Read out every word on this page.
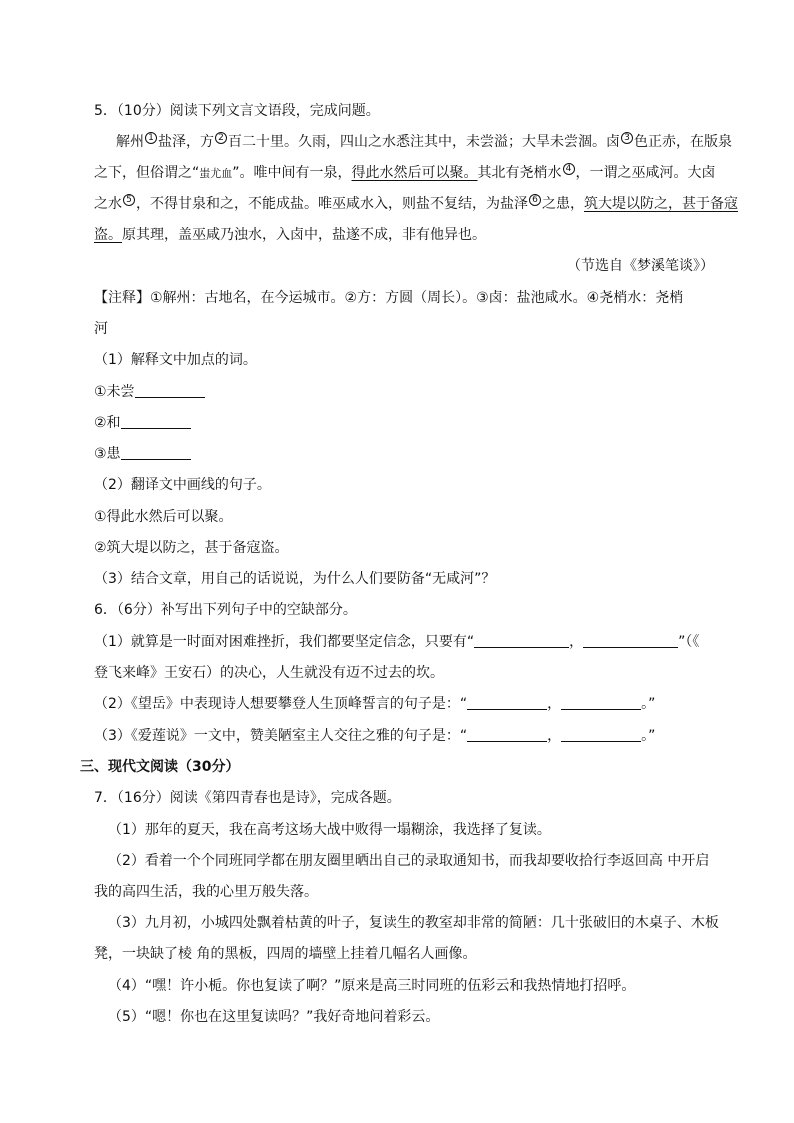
5．（10分）阅读下列文言文语段，完成问题。
解州 1 盐泽，方 2 百二十里。久雨，四山之水悉注其中，未尝溢；大旱未尝涸。卤 3 色正赤，在版泉
之下，但俗谓之“蚩尤血”。唯中间有一泉，得此水然后可以聚。其北有尧梢水 4 ，一谓之巫咸河。大卤
之水 5 ，不得甘泉和之，不能成盐。唯巫咸水入，则盐不复结，为盐泽 6 之患，筑大堤以防之，甚于备寇
盗。原其理，盖巫咸乃浊水，入卤中，盐遂不成，非有他异也。
（节选自《梦溪笔谈》）
【注释】①解州：古地名，在今运城市。②方：方圆（周长）。③卤：盐池咸水。④尧梢水：尧梢
河
（1）解释文中加点的词。
①未尝
②和
③患
（2）翻译文中画线的句子。
①得此水然后可以聚。
②筑大堤以防之，甚于备寇盗。
（3）结合文章，用自己的话说说，为什么人们要防备“无咸河”？
6．（6分）补写出下列句子中的空缺部分。
（1）就算是一时面对困难挫折，我们都要坚定信念，只要有“	，	”（《
登飞来峰》王安石）的决心，人生就没有迈不过去的坎。
（2）《望岳》中表现诗人想要攀登人生顶峰誓言的句子是：“	，	。”
（3）《爱莲说》一文中，赞美陋室主人交往之雅的句子是：“	，	。”
三、现代文阅读（30分）
7．（16分）阅读《第四青春也是诗》，完成各题。
（1）那年的夏天，我在高考这场大战中败得一塌糊涂，我选择了复读。
（2）看着一个个同班同学都在朋友圈里晒出自己的录取通知书，而我却要收拾行李返回高 中开启
我的高四生活，我的心里万般失落。
（3）九月初，小城四处飘着枯黄的叶子，复读生的教室却非常的简陋：几十张破旧的木桌子、木板
凳，一块缺了棱 角的黑板，四周的墙壁上挂着几幅名人画像。
（4）“嘿！许小栀。你也复读了啊？”原来是高三时同班的伍彩云和我热情地打招呼。
（5）“嗯！你也在这里复读吗？”我好奇地问着彩云。
